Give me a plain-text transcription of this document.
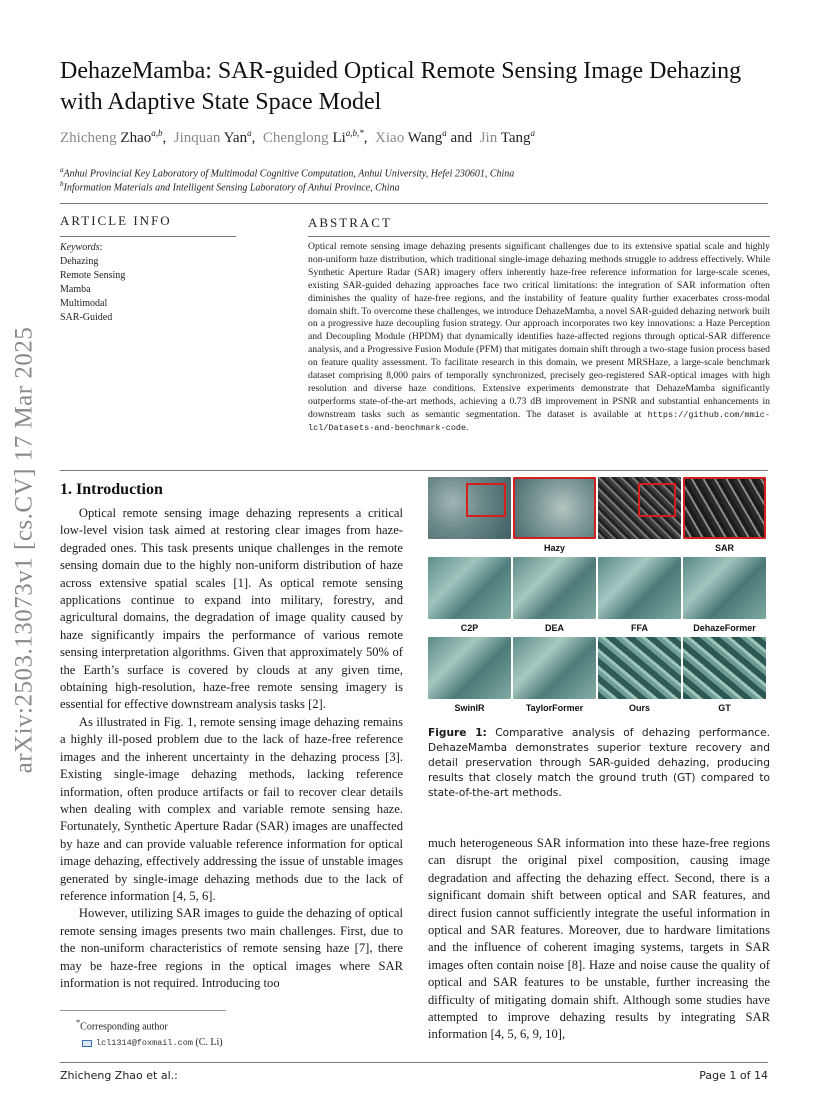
arXiv:2503.13073v1 [cs.CV] 17 Mar 2025
DehazeMamba: SAR-guided Optical Remote Sensing Image Dehazing with Adaptive State Space Model
Zhicheng Zhao$^{a,b}$,  Jinquan Yan$^a$,  Chenglong $Li^{a,b,*}$,  Xiao Wang$^a$ and  Jin Tang$^a$
$^a$Anhui Provincial Key Laboratory of Multimodal Cognitive Computation, Anhui University, Hefei 230601, China
$^b$Information Materials and Intelligent Sensing Laboratory of Anhui Province, China
ARTICLE INFO
Keywords:
Dehazing
Remote Sensing
Mamba
Multimodal
SAR-Guided
ABSTRACT
Optical remote sensing image dehazing presents significant challenges due to its extensive spatial scale and highly non-uniform haze distribution, which traditional single-image dehazing methods struggle to address effectively. While Synthetic Aperture Radar (SAR) imagery offers inherently haze-free reference information for large-scale scenes, existing SAR-guided dehazing approaches face two critical limitations: the integration of SAR information often diminishes the quality of haze-free regions, and the instability of feature quality further exacerbates cross-modal domain shift. To overcome these challenges, we introduce DehazeMamba, a novel SAR-guided dehazing network built on a progressive haze decoupling fusion strategy. Our approach incorporates two key innovations: a Haze Perception and Decoupling Module (HPDM) that dynamically identifies haze-affected regions through optical-SAR difference analysis, and a Progressive Fusion Module (PFM) that mitigates domain shift through a two-stage fusion process based on feature quality assessment. To facilitate research in this domain, we present MRSHaze, a large-scale benchmark dataset comprising 8,000 pairs of temporally synchronized, precisely geo-registered SAR-optical images with high resolution and diverse haze conditions. Extensive experiments demonstrate that DehazeMamba significantly outperforms state-of-the-art methods, achieving a 0.73 dB improvement in PSNR and substantial enhancements in downstream tasks such as semantic segmentation. The dataset is available at https://github.com/mmic-lcl/Datasets-and-benchmark-code.
1. Introduction

Optical remote sensing image dehazing represents a critical low-level vision task aimed at restoring clear images from haze-degraded ones. This task presents unique challenges in the remote sensing domain due to the highly non-uniform distribution of haze across extensive spatial scales [1]. As optical remote sensing applications continue to expand into military, forestry, and agricultural domains, the degradation of image quality caused by haze significantly impairs the performance of various remote sensing interpretation algorithms. Given that approximately 50% of the Earth’s surface is covered by clouds at any given time, obtaining high-resolution, haze-free remote sensing imagery is essential for effective downstream analysis tasks [2].

As illustrated in Fig. 1, remote sensing image dehazing remains a highly ill-posed problem due to the lack of haze-free reference images and the inherent uncertainty in the dehazing process [3]. Existing single-image dehazing methods, lacking reference information, often produce artifacts or fail to recover clear details when dealing with complex and variable remote sensing haze. Fortunately, Synthetic Aperture Radar (SAR) images are unaffected by haze and can provide valuable reference information for optical image dehazing, effectively addressing the issue of unstable images generated by single-image dehazing methods due to the lack of reference information [4, 5, 6].

However, utilizing SAR images to guide the dehazing of optical remote sensing images presents two main challenges. First, due to the non-uniform characteristics of remote sensing haze [7], there may be haze-free regions in the optical images where SAR information is not required. Introducing too

Hazy	SAR
C2P	DEA	FFA	DehazeFormer
SwinIR	TaylorFormer	Ours	GT
Figure 1: Comparative analysis of dehazing performance. DehazeMamba demonstrates superior texture recovery and detail preservation through SAR-guided dehazing, producing results that closely match the ground truth (GT) compared to state-of-the-art methods.
much heterogeneous SAR information into these haze-free regions can disrupt the original pixel composition, causing image degradation and affecting the dehazing effect. Second, there is a significant domain shift between optical and SAR features, and direct fusion cannot sufficiently integrate the useful information in optical and SAR features. Moreover, due to hardware limitations and the influence of coherent imaging systems, targets in SAR images often contain noise [8]. Haze and noise cause the quality of optical and SAR features to be unstable, further increasing the difficulty of mitigating domain shift. Although some studies have attempted to improve dehazing results by integrating SAR information [4, 5, 6, 9, 10],
*Corresponding author
lcl1314@foxmail.com (C. Li)
Zhicheng Zhao et al.:	Page 1 of 14
